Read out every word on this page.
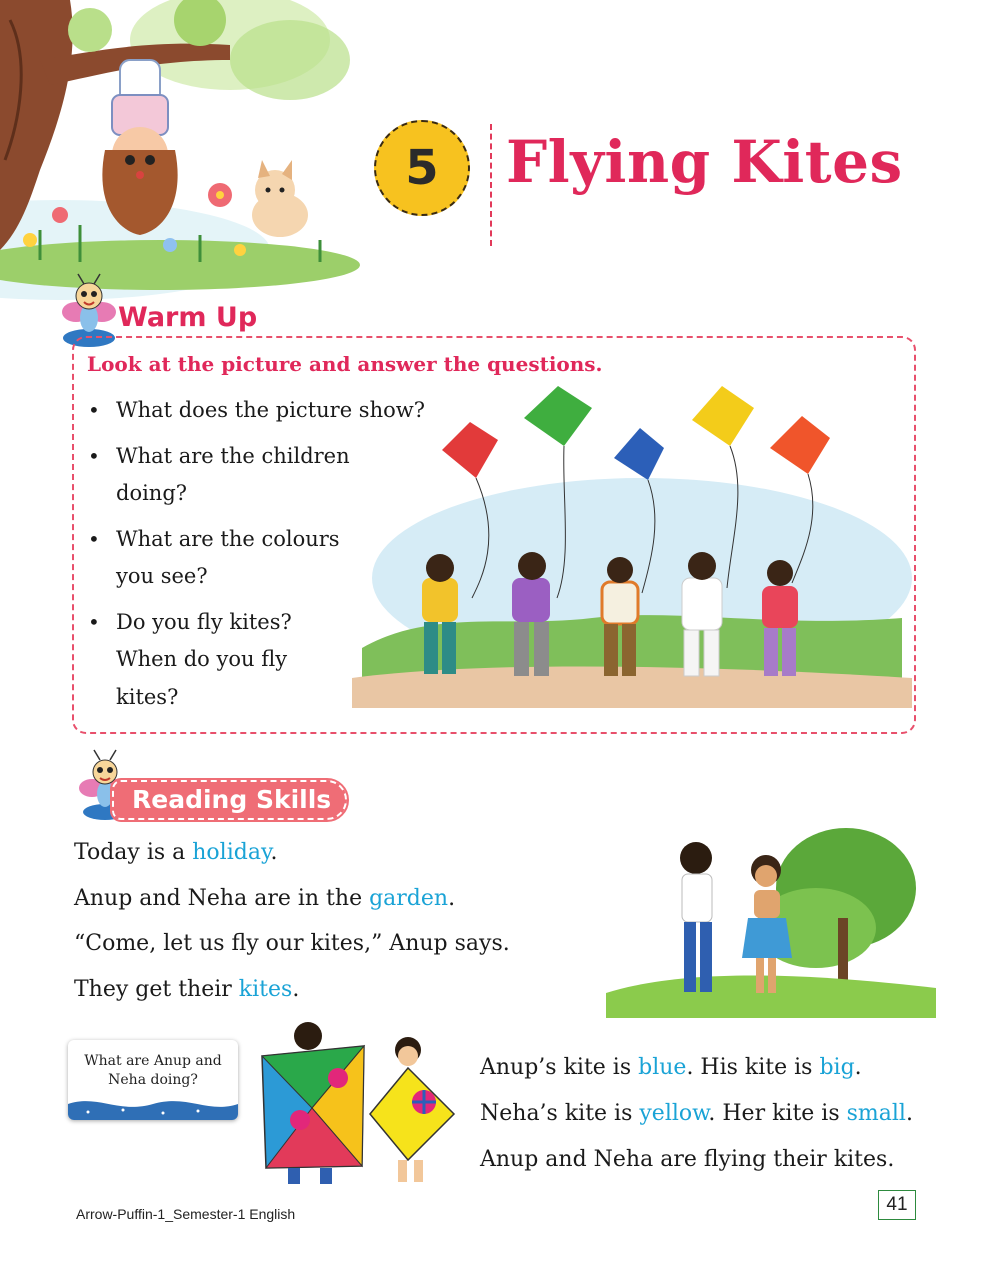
5	Flying Kites
Warm Up

Look at the picture and answer the questions.

• What does the picture show?
• What are the children
doing?
• What are the colours
you see?
• Do you fly kites?
When do you fly
kites?
Reading Skills

Today is a holiday.

Anup and Neha are in the garden.

“Come, let us fly our kites,” Anup says.

They get their kites.

What are Anup and
Neha doing?	Anup’s kite is blue. His kite is big.

Neha’s kite is yellow. Her kite is small.

Anup and Neha are flying their kites.

Arrow-Puffin-1_Semester-1 English	41
